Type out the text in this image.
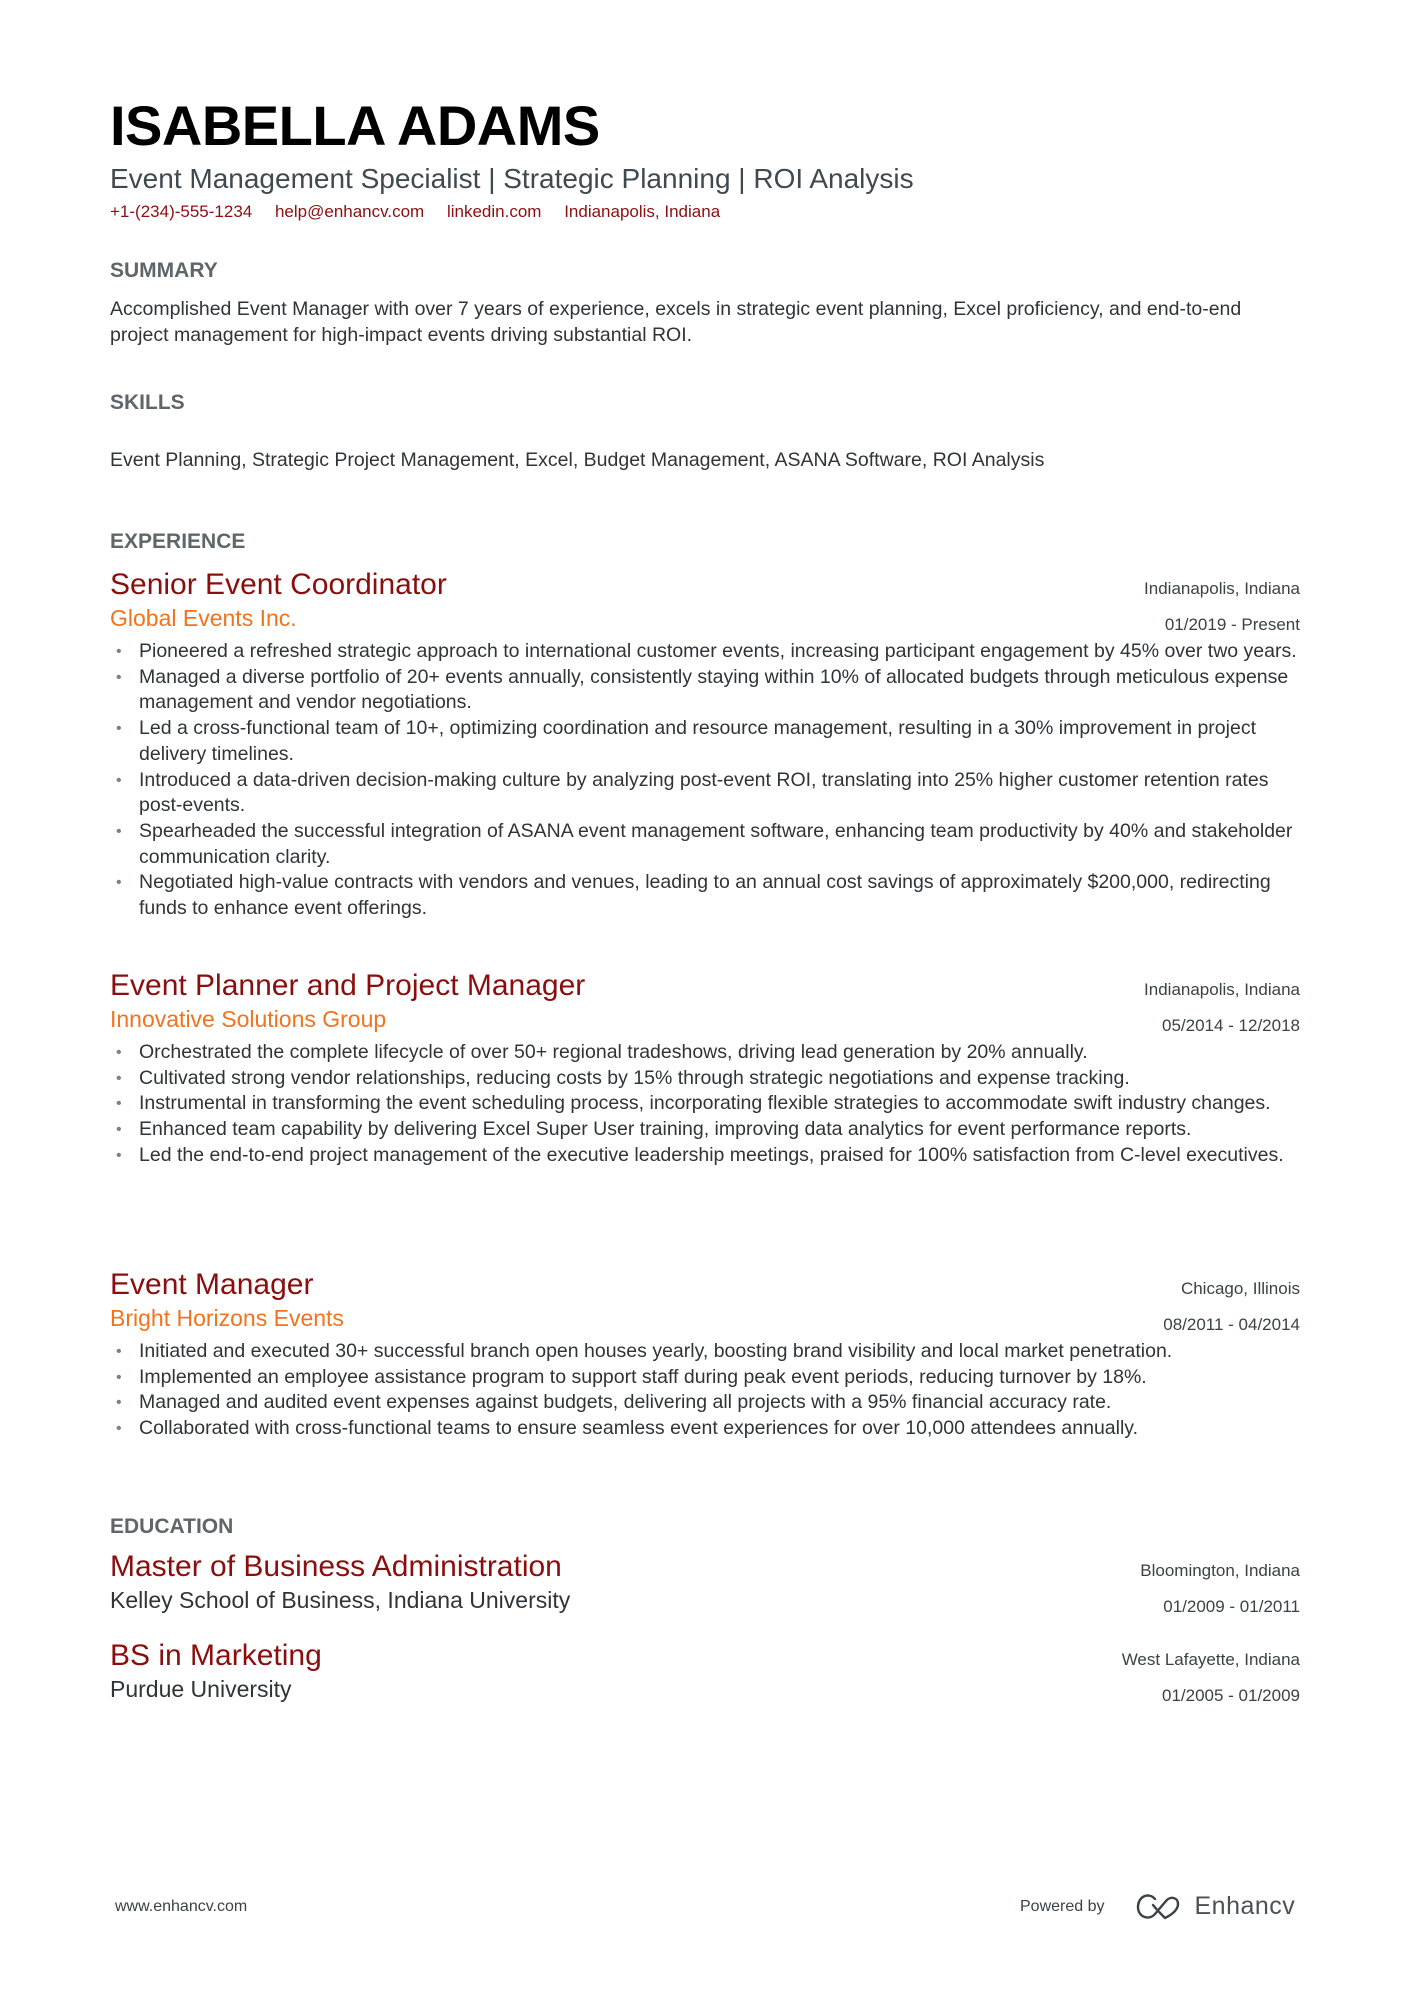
ISABELLA ADAMS
Event Management Specialist | Strategic Planning | ROI Analysis
+1-(234)-555-1234 help@enhancv.com linkedin.com Indianapolis, Indiana
SUMMARY

Accomplished Event Manager with over 7 years of experience, excels in strategic event planning, Excel proficiency, and end-to-end project management for high-impact events driving substantial ROI.

SKILLS

Event Planning, Strategic Project Management, Excel, Budget Management, ASANA Software, ROI Analysis

EXPERIENCE
Senior Event Coordinator
Global Events Inc.
Indianapolis, Indiana
01/2019 - Present
• Pioneered a refreshed strategic approach to international customer events, increasing participant engagement by 45% over two years.
• Managed a diverse portfolio of 20+ events annually, consistently staying within 10% of allocated budgets through meticulous expense management and vendor negotiations.
• Led a cross-functional team of 10+, optimizing coordination and resource management, resulting in a 30% improvement in project delivery timelines.
• Introduced a data-driven decision-making culture by analyzing post-event ROI, translating into 25% higher customer retention rates post-events.
• Spearheaded the successful integration of ASANA event management software, enhancing team productivity by 40% and stakeholder communication clarity.
• Negotiated high-value contracts with vendors and venues, leading to an annual cost savings of approximately $200,000, redirecting funds to enhance event offerings.
Event Planner and Project Manager
Innovative Solutions Group
Indianapolis, Indiana
05/2014 - 12/2018
• Orchestrated the complete lifecycle of over 50+ regional tradeshows, driving lead generation by 20% annually.
• Cultivated strong vendor relationships, reducing costs by 15% through strategic negotiations and expense tracking.
• Instrumental in transforming the event scheduling process, incorporating flexible strategies to accommodate swift industry changes.
• Enhanced team capability by delivering Excel Super User training, improving data analytics for event performance reports.
• Led the end-to-end project management of the executive leadership meetings, praised for 100% satisfaction from C-level executives.
Event Manager
Bright Horizons Events
Chicago, Illinois
08/2011 - 04/2014
• Initiated and executed 30+ successful branch open houses yearly, boosting brand visibility and local market penetration.
• Implemented an employee assistance program to support staff during peak event periods, reducing turnover by 18%.
• Managed and audited event expenses against budgets, delivering all projects with a 95% financial accuracy rate.
• Collaborated with cross-functional teams to ensure seamless event experiences for over 10,000 attendees annually.
EDUCATION
Master of Business Administration
Kelley School of Business, Indiana University
Bloomington, Indiana
01/2009 - 01/2011
BS in Marketing
Purdue University
West Lafayette, Indiana
01/2005 - 01/2009
www.enhancv.com	Powered by	Enhancv
